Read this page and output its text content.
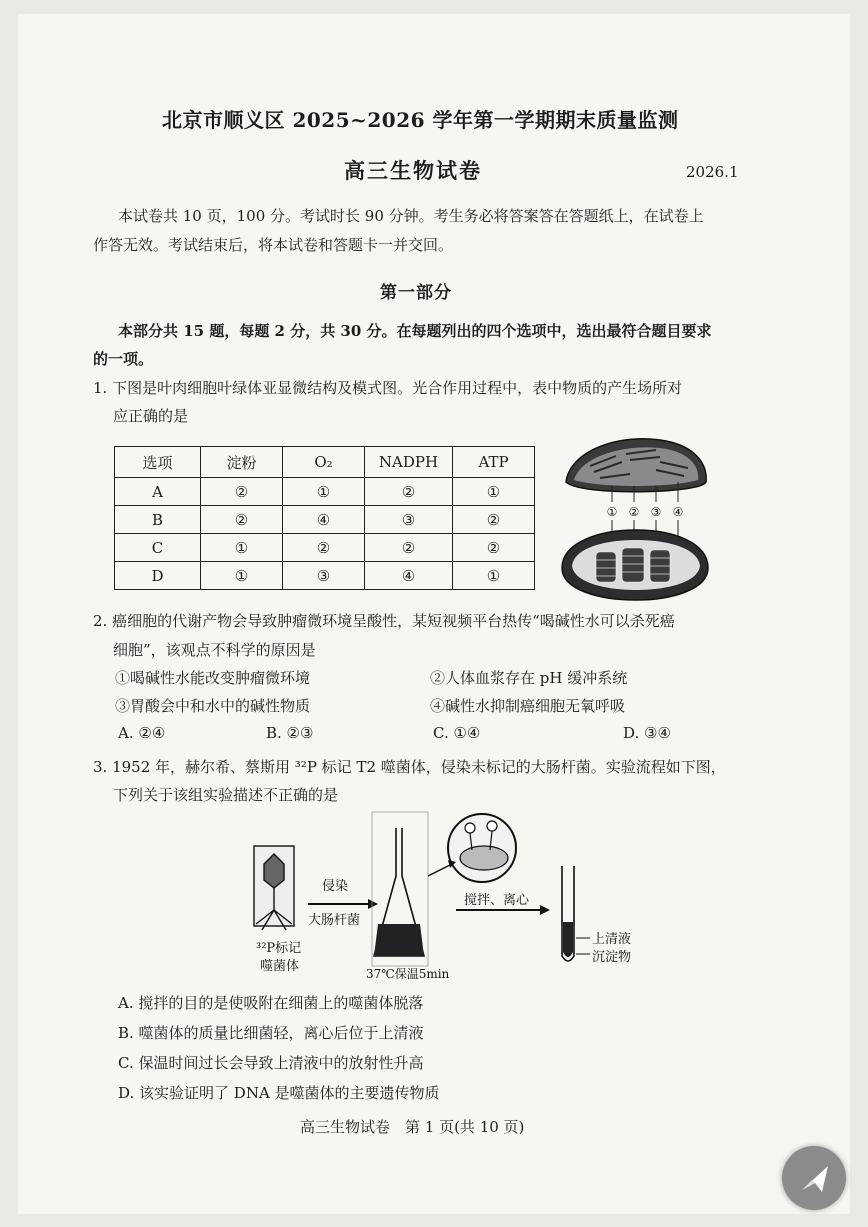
北京市顺义区 2025~2026 学年第一学期期末质量监测
高三生物试卷	2026.1
本试卷共 10 页，100 分。考试时长 90 分钟。考生务必将答案答在答题纸上，在试卷上
作答无效。考试结束后，将本试卷和答题卡一并交回。
第一部分
本部分共 15 题，每题 2 分，共 30 分。在每题列出的四个选项中，选出最符合题目要求
的一项。
1. 下图是叶肉细胞叶绿体亚显微结构及模式图。光合作用过程中，表中物质的产生场所对
应正确的是
选项	淀粉	O₂	NADPH	ATP
A	②	①	②	①
B	②	④	③	②
C	①	②	②	②
D	①	③	④	①
① ② ③ ④
2. 癌细胞的代谢产物会导致肿瘤微环境呈酸性，某短视频平台热传“喝碱性水可以杀死癌
细胞”，该观点不科学的原因是
①喝碱性水能改变肿瘤微环境	②人体血浆存在 pH 缓冲系统
③胃酸会中和水中的碱性物质	④碱性水抑制癌细胞无氧呼吸
A. ②④	B. ②③	C. ①④	D. ③④
3. 1952 年，赫尔希、蔡斯用 ³²P 标记 T2 噬菌体，侵染未标记的大肠杆菌。实验流程如下图，
下列关于该组实验描述不正确的是
³²P标记
噬菌体
侵染
大肠杆菌
37℃保温5min
搅拌、离心
上清液
沉淀物
A. 搅拌的目的是使吸附在细菌上的噬菌体脱落
B. 噬菌体的质量比细菌轻，离心后位于上清液
C. 保温时间过长会导致上清液中的放射性升高
D. 该实验证明了 DNA 是噬菌体的主要遗传物质
高三生物试卷　第 1 页(共 10 页)
